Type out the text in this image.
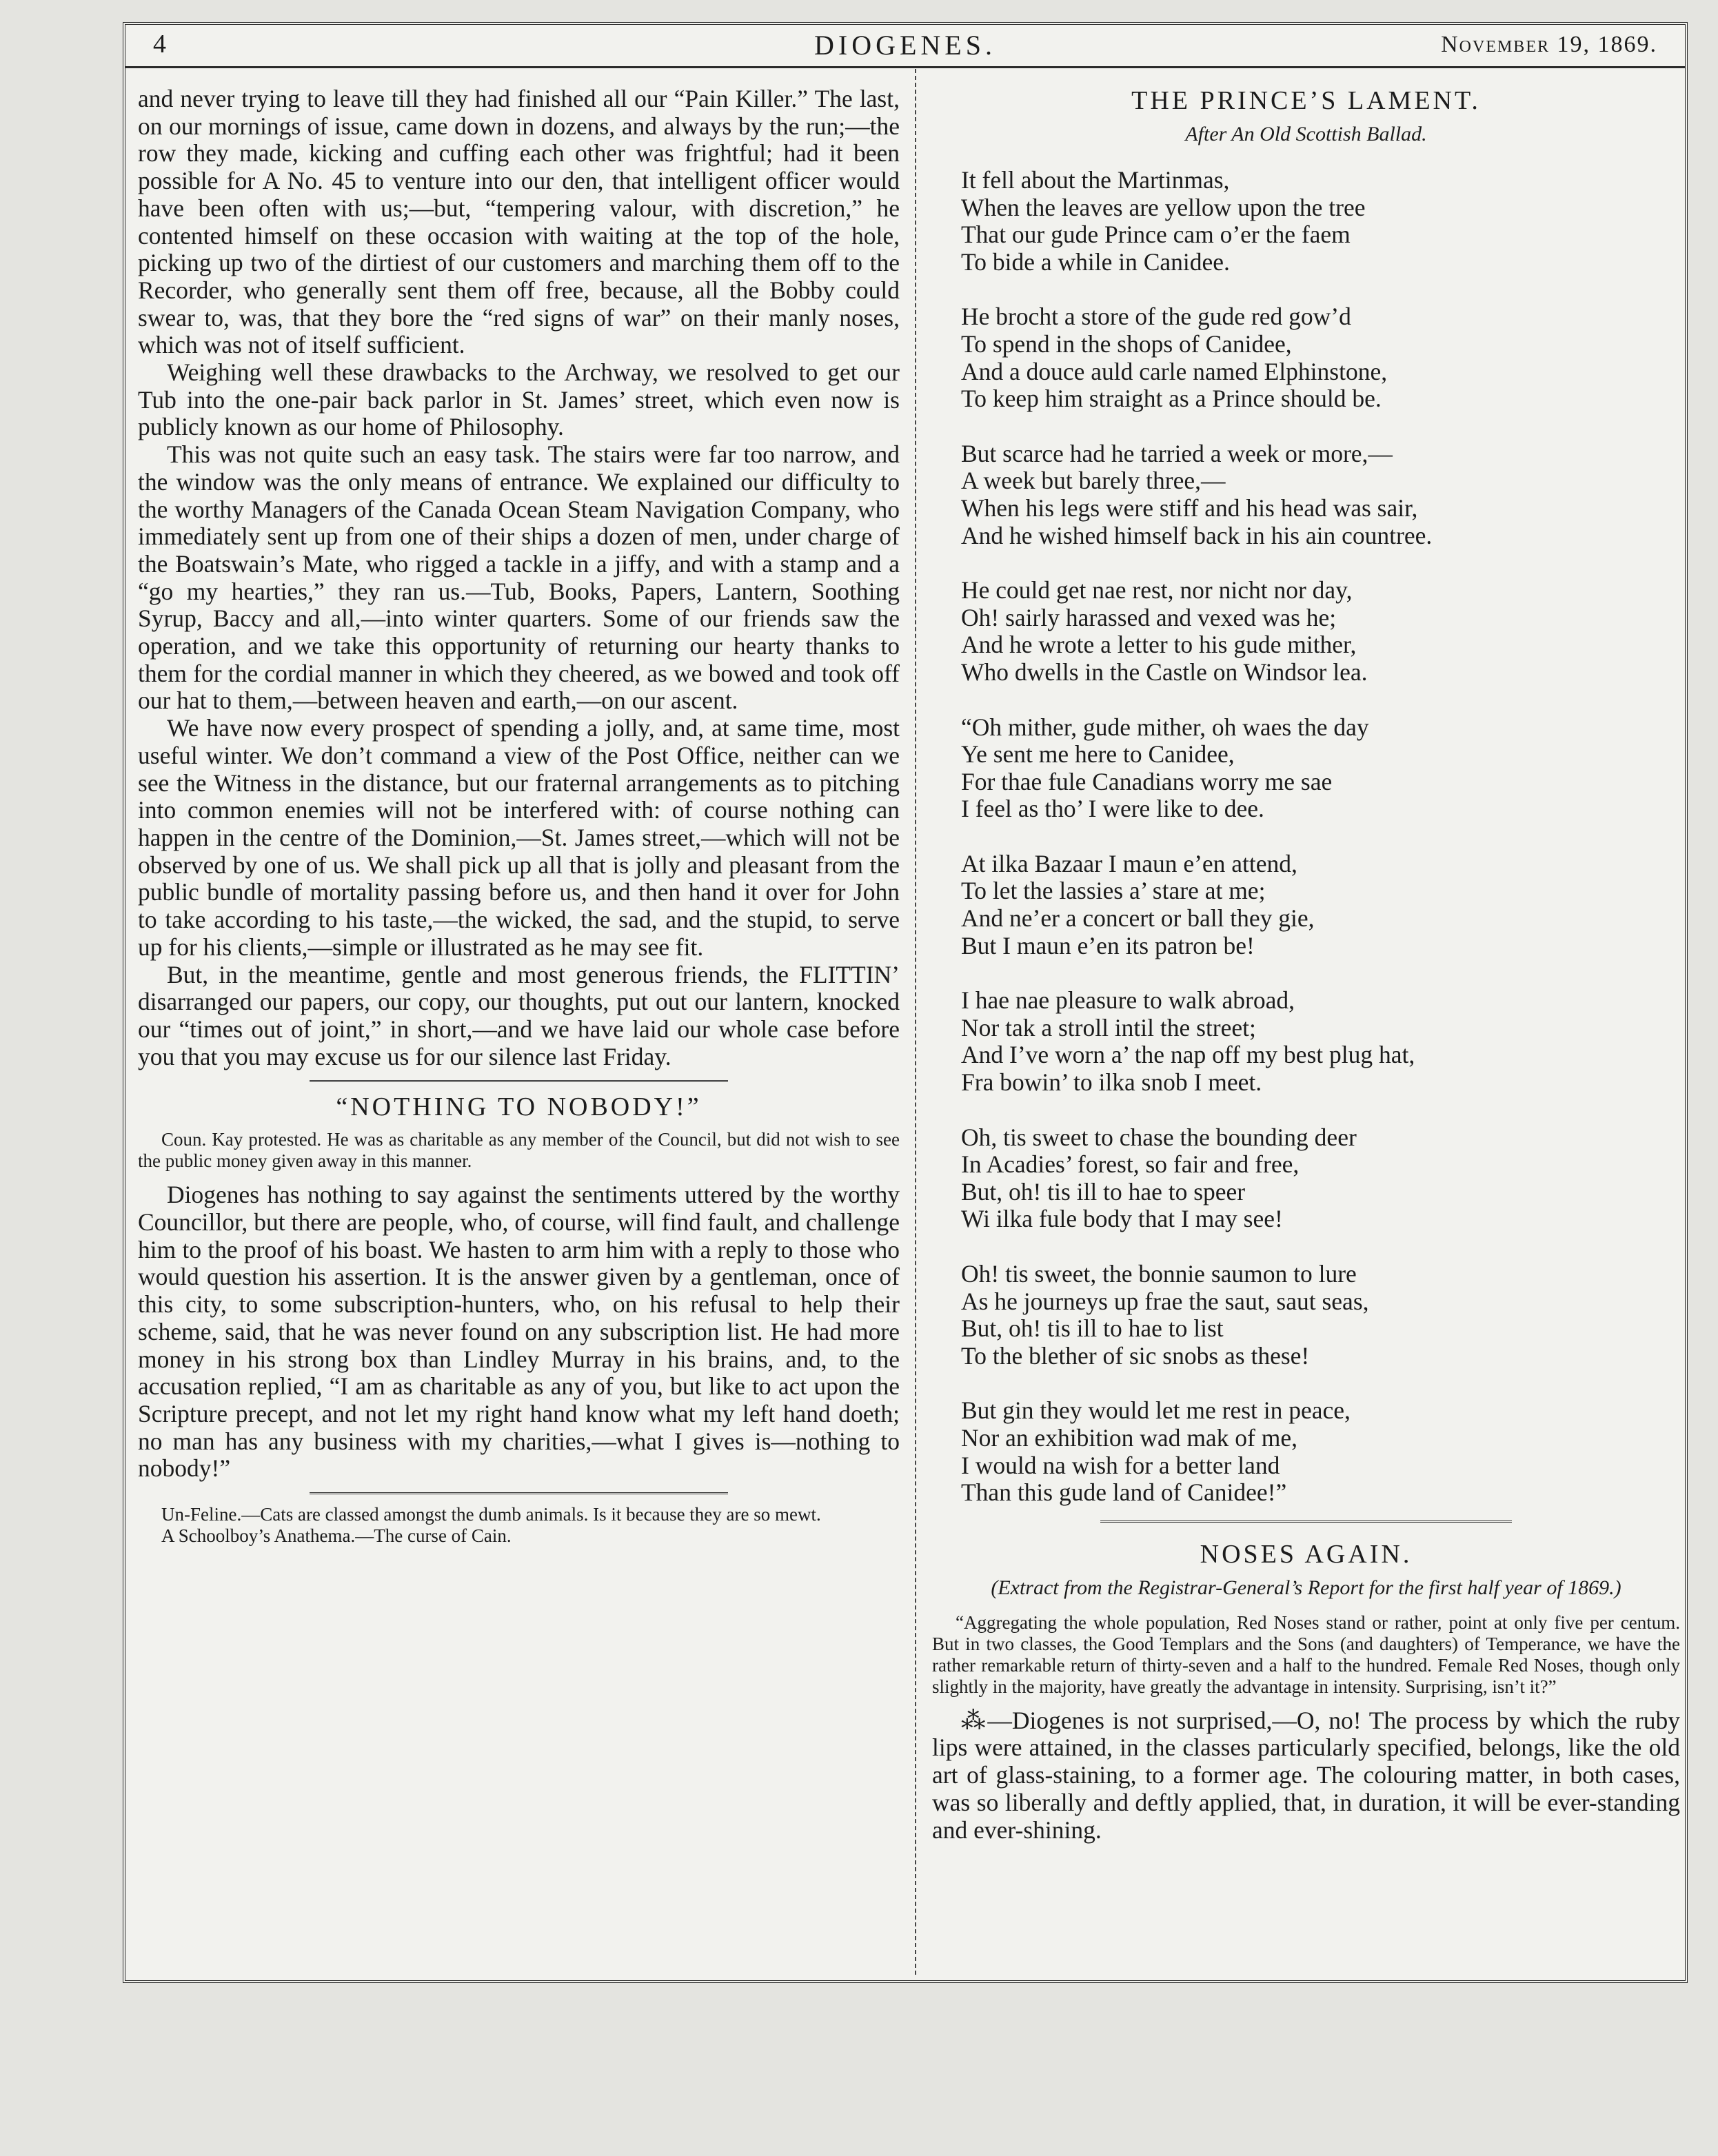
4	DIOGENES.	November 19, 1869.

and never trying to leave till they had finished all our “Pain Killer.” The last, on our mornings of issue, came down in dozens, and always by the run;—the row they made, kicking and cuffing each other was frightful; had it been possible for A No. 45 to venture into our den, that intelligent officer would have been often with us;—but, “tempering valour, with discretion,” he contented himself on these occasion with waiting at the top of the hole, picking up two of the dirtiest of our customers and marching them off to the Recorder, who generally sent them off free, because, all the Bobby could swear to, was, that they bore the “red signs of war” on their manly noses, which was not of itself sufficient.

Weighing well these drawbacks to the Archway, we resolved to get our Tub into the one-pair back parlor in St. James’ street, which even now is publicly known as our home of Philosophy.

This was not quite such an easy task. The stairs were far too narrow, and the window was the only means of entrance. We explained our difficulty to the worthy Managers of the Canada Ocean Steam Navigation Company, who immediately sent up from one of their ships a dozen of men, under charge of the Boatswain’s Mate, who rigged a tackle in a jiffy, and with a stamp and a “go my hearties,” they ran us.—Tub, Books, Papers, Lantern, Soothing Syrup, Baccy and all,—into winter quarters. Some of our friends saw the operation, and we take this opportunity of returning our hearty thanks to them for the cordial manner in which they cheered, as we bowed and took off our hat to them,—between heaven and earth,—on our ascent.

We have now every prospect of spending a jolly, and, at same time, most useful winter. We don’t command a view of the Post Office, neither can we see the Witness in the distance, but our fraternal arrangements as to pitching into common enemies will not be interfered with: of course nothing can happen in the centre of the Dominion,—St. James street,—which will not be observed by one of us. We shall pick up all that is jolly and pleasant from the public bundle of mortality passing before us, and then hand it over for John to take according to his taste,—the wicked, the sad, and the stupid, to serve up for his clients,—simple or illustrated as he may see fit.

But, in the meantime, gentle and most generous friends, the FLITTIN’ disarranged our papers, our copy, our thoughts, put out our lantern, knocked our “times out of joint,” in short,—and we have laid our whole case before you that you may excuse us for our silence last Friday.

“NOTHING TO NOBODY!”

Coun. Kay protested. He was as charitable as any member of the Council, but did not wish to see the public money given away in this manner.

Diogenes has nothing to say against the sentiments uttered by the worthy Councillor, but there are people, who, of course, will find fault, and challenge him to the proof of his boast. We hasten to arm him with a reply to those who would question his assertion. It is the answer given by a gentleman, once of this city, to some subscription-hunters, who, on his refusal to help their scheme, said, that he was never found on any subscription list. He had more money in his strong box than Lindley Murray in his brains, and, to the accusation replied, “I am as charitable as any of you, but like to act upon the Scripture precept, and not let my right hand know what my left hand doeth; no man has any business with my charities,—what I gives is—nothing to nobody!”

Un-Feline.—Cats are classed amongst the dumb animals. Is it because they are so mewt.

A Schoolboy’s Anathema.—The curse of Cain.

THE PRINCE’S LAMENT.
After An Old Scottish Ballad.
It fell about the Martinmas,
When the leaves are yellow upon the tree
That our gude Prince cam o’er the faem
To bide a while in Canidee.
He brocht a store of the gude red gow’d
To spend in the shops of Canidee,
And a douce auld carle named Elphinstone,
To keep him straight as a Prince should be.
But scarce had he tarried a week or more,—
A week but barely three,—
When his legs were stiff and his head was sair,
And he wished himself back in his ain countree.
He could get nae rest, nor nicht nor day,
Oh! sairly harassed and vexed was he;
And he wrote a letter to his gude mither,
Who dwells in the Castle on Windsor lea.
“Oh mither, gude mither, oh waes the day
Ye sent me here to Canidee,
For thae fule Canadians worry me sae
I feel as tho’ I were like to dee.
At ilka Bazaar I maun e’en attend,
To let the lassies a’ stare at me;
And ne’er a concert or ball they gie,
But I maun e’en its patron be!
I hae nae pleasure to walk abroad,
Nor tak a stroll intil the street;
And I’ve worn a’ the nap off my best plug hat,
Fra bowin’ to ilka snob I meet.
Oh, tis sweet to chase the bounding deer
In Acadies’ forest, so fair and free,
But, oh! tis ill to hae to speer
Wi ilka fule body that I may see!
Oh! tis sweet, the bonnie saumon to lure
As he journeys up frae the saut, saut seas,
But, oh! tis ill to hae to list
To the blether of sic snobs as these!
But gin they would let me rest in peace,
Nor an exhibition wad mak of me,
I would na wish for a better land
Than this gude land of Canidee!”
NOSES AGAIN.
(Extract from the Registrar-General’s Report for the first half year of 1869.)

“Aggregating the whole population, Red Noses stand or rather, point at only five per centum. But in two classes, the Good Templars and the Sons (and daughters) of Temperance, we have the rather remarkable return of thirty-seven and a half to the hundred. Female Red Noses, though only slightly in the majority, have greatly the advantage in intensity. Surprising, isn’t it?”

⁂—Diogenes is not surprised,—O, no! The process by which the ruby lips were attained, in the classes particularly specified, belongs, like the old art of glass-staining, to a former age. The colouring matter, in both cases, was so liberally and deftly applied, that, in duration, it will be ever-standing and ever-shining.
